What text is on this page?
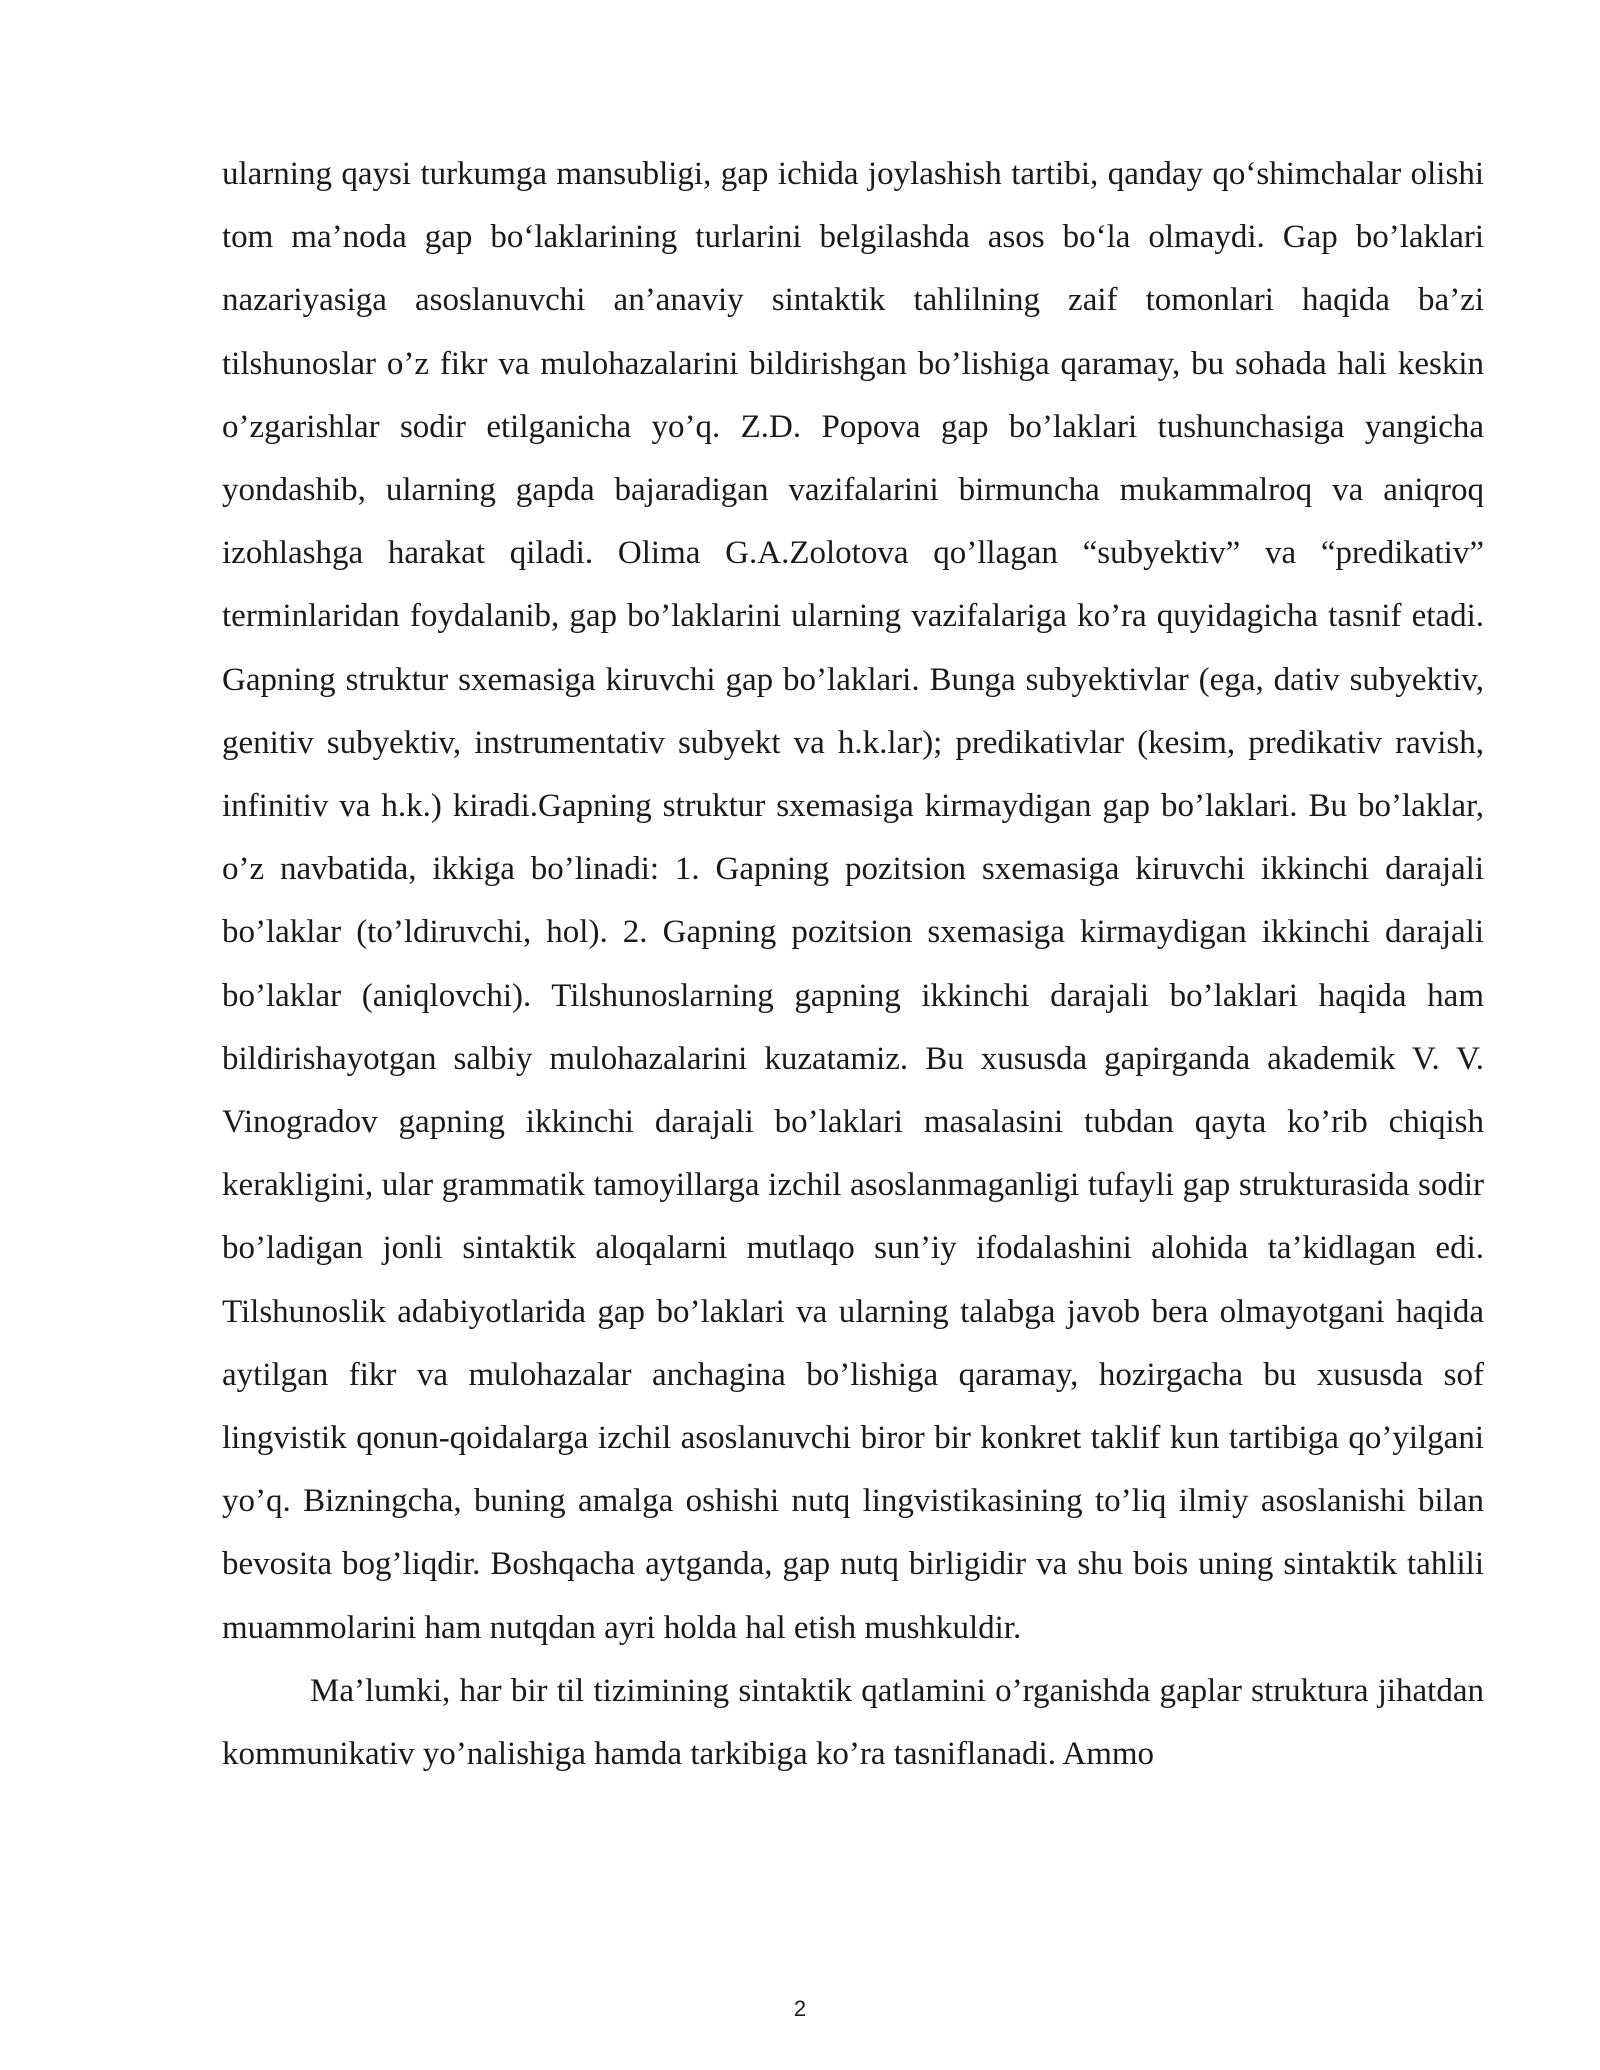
ularning qaysi turkumga mansubligi, gap ichida joylashish tartibi, qanday qo‘shimchalar olishi tom ma’noda gap bo‘laklarining turlarini belgilashda asos bo‘la olmaydi. Gap bo’laklari nazariyasiga asoslanuvchi an’anaviy sintaktik tahlilning zaif tomonlari haqida ba’zi tilshunoslar o’z fikr va mulohazalarini bildirishgan bo’lishiga qaramay, bu sohada hali keskin o’zgarishlar sodir etilganicha yo’q. Z.D. Popova gap bo’laklari tushunchasiga yangicha yondashib, ularning gapda bajaradigan vazifalarini birmuncha mukammalroq va aniqroq izohlashga harakat qiladi. Olima G.A.Zolotova qo’llagan “subyektiv” va “predikativ” terminlaridan foydalanib, gap bo’laklarini ularning vazifalariga ko’ra quyidagicha tasnif etadi. Gapning struktur sxemasiga kiruvchi gap bo’laklari. Bunga subyektivlar (ega, dativ subyektiv, genitiv subyektiv, instrumentativ subyekt va h.k.lar); predikativlar (kesim, predikativ ravish, infinitiv va h.k.) kiradi.Gapning struktur sxemasiga kirmaydigan gap bo’laklari. Bu bo’laklar, o’z navbatida, ikkiga bo’linadi: 1. Gapning pozitsion sxemasiga kiruvchi ikkinchi darajali bo’laklar (to’ldiruvchi, hol). 2. Gapning pozitsion sxemasiga kirmaydigan ikkinchi darajali bo’laklar (aniqlovchi). Tilshunoslarning gapning ikkinchi darajali bo’laklari haqida ham bildirishayotgan salbiy mulohazalarini kuzatamiz. Bu xususda gapirganda akademik V. V. Vinogradov gapning ikkinchi darajali bo’laklari masalasini tubdan qayta ko’rib chiqish kerakligini, ular grammatik tamoyillarga izchil asoslanmaganligi tufayli gap strukturasida sodir bo’ladigan jonli sintaktik aloqalarni mutlaqo sun’iy ifodalashini alohida ta’kidlagan edi. Tilshunoslik adabiyotlarida gap bo’laklari va ularning talabga javob bera olmayotgani haqida aytilgan fikr va mulohazalar anchagina bo’lishiga qaramay, hozirgacha bu xususda sof lingvistik qonun-qoidalarga izchil asoslanuvchi biror bir konkret taklif kun tartibiga qo’yilgani yo’q. Bizningcha, buning amalga oshishi nutq lingvistikasining to’liq ilmiy asoslanishi bilan bevosita bog’liqdir. Boshqacha aytganda, gap nutq birligidir va shu bois uning sintaktik tahlili muammolarini ham nutqdan ayri holda hal etish mushkuldir.

Ma’lumki, har bir til tizimining sintaktik qatlamini o’rganishda gaplar struktura jihatdan kommunikativ yo’nalishiga hamda tarkibiga ko’ra tasniflanadi. Ammo

2
